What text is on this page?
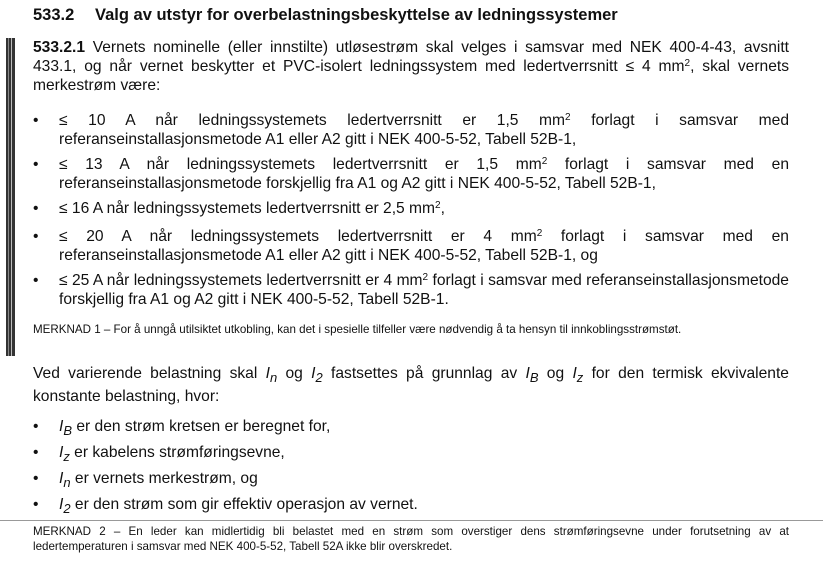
533.2 Valg av utstyr for overbelastningsbeskyttelse av ledningssystemer
533.2.1 Vernets nominelle (eller innstilte) utløsestrøm skal velges i samsvar med NEK 400-4-43, avsnitt 433.1, og når vernet beskytter et PVC-isolert ledningssystem med ledertverrsnitt ≤ 4 $mm^2$, skal vernets merkestrøm være:
• ≤ 10 A når ledningssystemets ledertverrsnitt er 1,5 $mm^2$ forlagt i samsvar med referanseinstallasjonsmetode A1 eller A2 gitt i NEK 400-5-52, Tabell 52B-1,
• ≤ 13 A når ledningssystemets ledertverrsnitt er 1,5 $mm^2$ forlagt i samsvar med en referanseinstallasjonsmetode forskjellig fra A1 og A2 gitt i NEK 400-5-52, Tabell 52B-1,
• ≤ 16 A når ledningssystemets ledertverrsnitt er 2,5 $mm^2$,
• ≤ 20 A når ledningssystemets ledertverrsnitt er 4 $mm^2$ forlagt i samsvar med en referanseinstallasjonsmetode A1 eller A2 gitt i NEK 400-5-52, Tabell 52B-1, og
• ≤ 25 A når ledningssystemets ledertverrsnitt er 4 $mm^2$ forlagt i samsvar med referanseinstallasjonsmetode forskjellig fra A1 og A2 gitt i NEK 400-5-52, Tabell 52B-1.
MERKNAD 1 – For å unngå utilsiktet utkobling, kan det i spesielle tilfeller være nødvendig å ta hensyn til innkoblingsstrømstøt.
Ved varierende belastning skal $I_n$ og $I_2$ fastsettes på grunnlag av $I_B$ og $I_z$ for den termisk ekvivalente konstante belastning, hvor:
• $I_B$ er den strøm kretsen er beregnet for,
• $I_z$ er kabelens strømføringsevne,
• $I_n$ er vernets merkestrøm, og
• $I_2$ er den strøm som gir effektiv operasjon av vernet.
MERKNAD 2 – En leder kan midlertidig bli belastet med en strøm som overstiger dens strømføringsevne under forutsetning av at ledertemperaturen i samsvar med NEK 400-5-52, Tabell 52A ikke blir overskredet.
